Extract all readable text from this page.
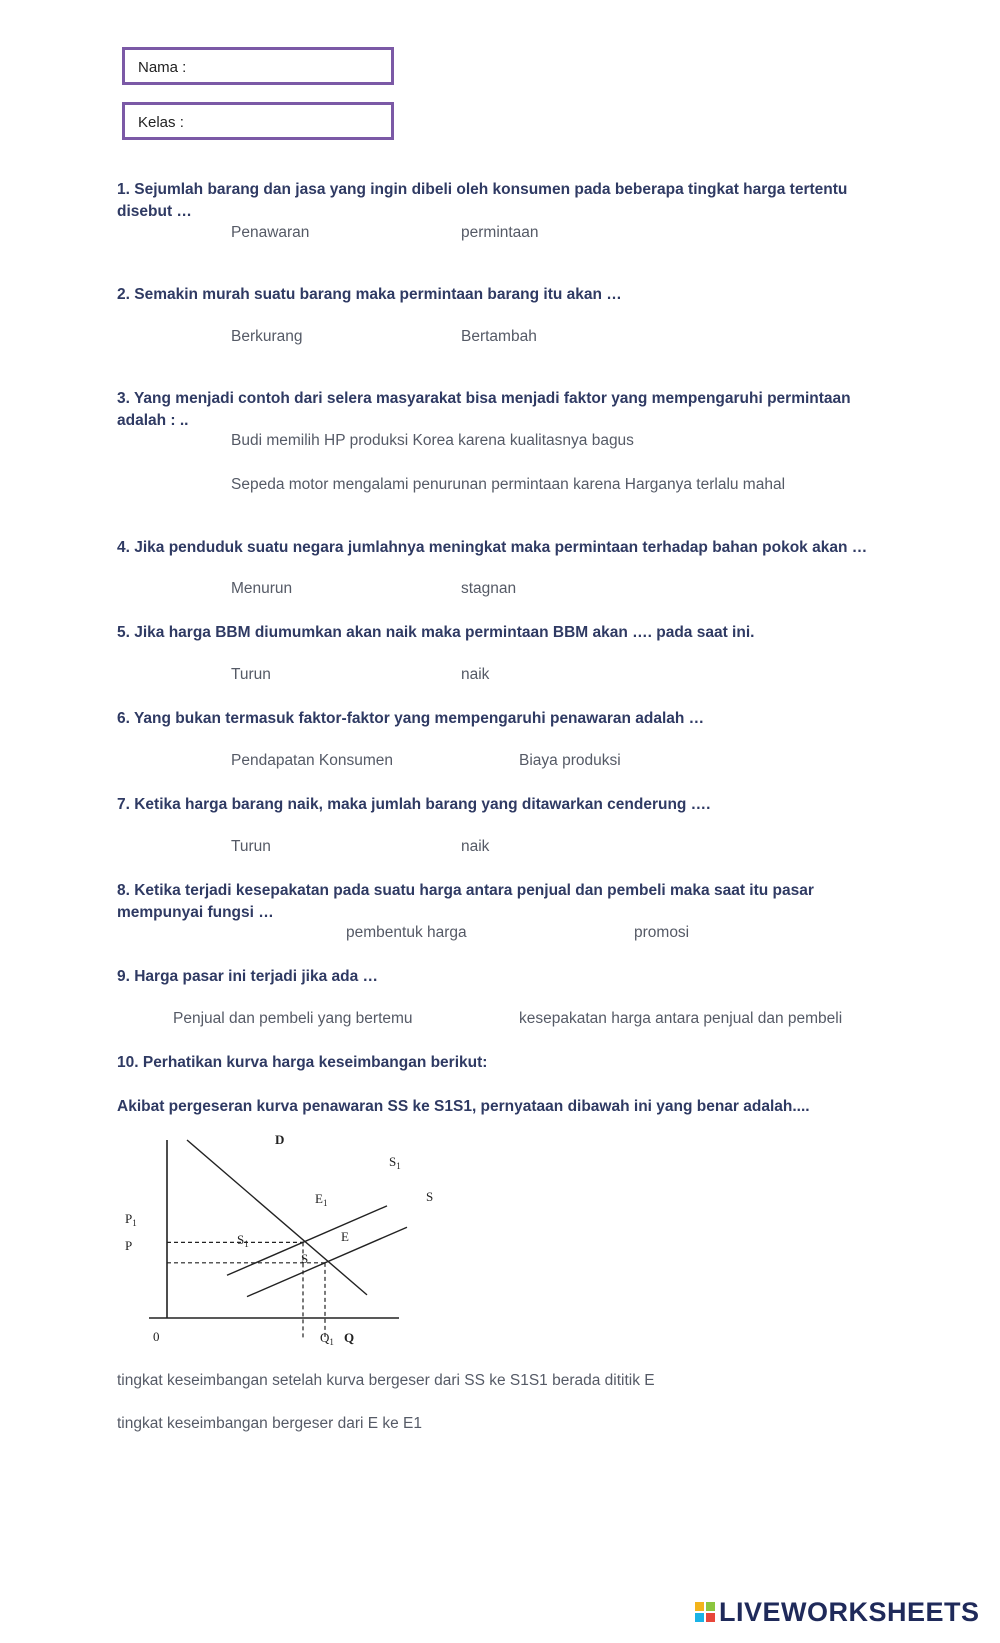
Nama :
Kelas :
1. Sejumlah barang dan jasa yang ingin dibeli oleh konsumen pada beberapa tingkat harga tertentu disebut …
Penawaran	permintaan
2. Semakin murah suatu barang maka permintaan barang itu akan …
Berkurang	Bertambah
3. Yang menjadi contoh dari selera masyarakat bisa menjadi faktor yang mempengaruhi permintaan adalah : ..
Budi memilih HP produksi Korea karena kualitasnya bagus
Sepeda motor mengalami penurunan permintaan karena Harganya terlalu mahal
4. Jika penduduk suatu negara jumlahnya meningkat maka permintaan terhadap bahan pokok akan …
Menurun	stagnan
5. Jika harga BBM diumumkan akan naik maka permintaan BBM akan …. pada saat ini.
Turun	naik
6. Yang bukan termasuk faktor-faktor yang mempengaruhi penawaran adalah …
Pendapatan Konsumen	Biaya produksi
7. Ketika harga barang naik, maka jumlah barang yang ditawarkan cenderung ….
Turun	naik
8. Ketika terjadi kesepakatan pada suatu harga antara penjual dan pembeli maka saat itu pasar mempunyai fungsi …
pembentuk harga	promosi
9. Harga pasar ini terjadi jika ada …
Penjual dan pembeli yang bertemu	kesepakatan harga antara penjual dan pembeli
10. Perhatikan kurva harga keseimbangan berikut:
Akibat pergeseran kurva penawaran SS ke S1S1, pernyataan dibawah ini yang benar adalah....
D
$S_1$
S
$E_1$
E
$S_1$
S
$P_1$
P
0	$Q_1$ Q
tingkat keseimbangan setelah kurva bergeser dari SS ke S1S1 berada dititik E
tingkat keseimbangan bergeser dari E ke E1
LIVEWORKSHEETS
